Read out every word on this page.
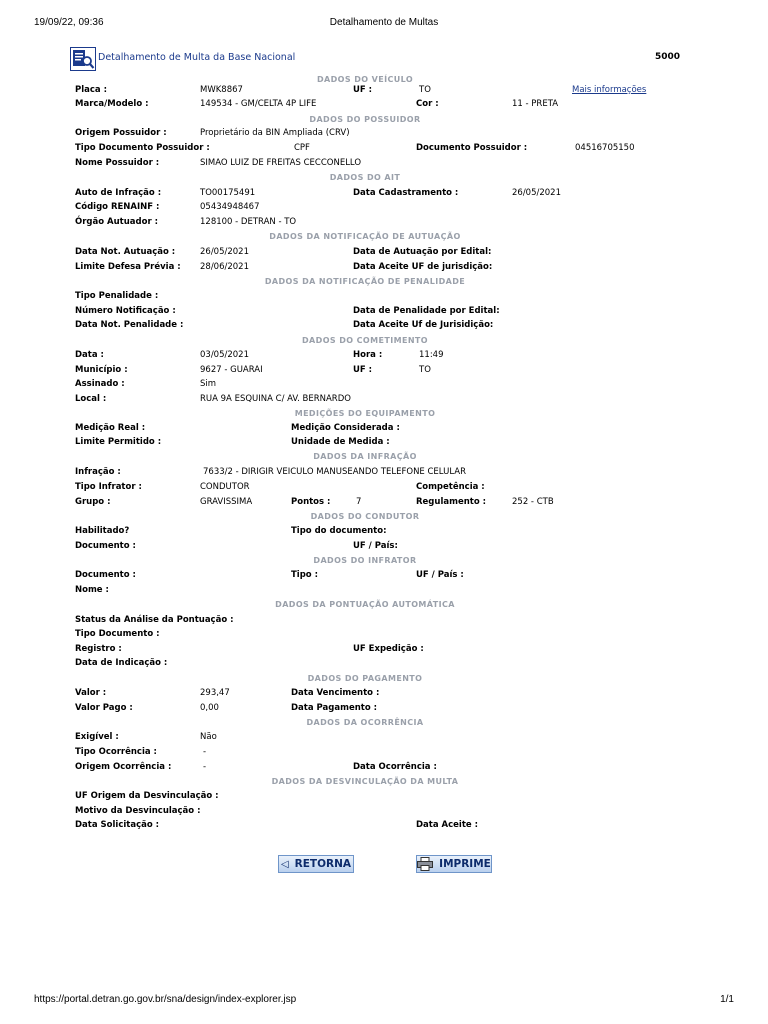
19/09/22, 09:36	Detalhamento de Multas
Detalhamento de Multa da Base Nacional	5000
DADOS DO VEÍCULO
Placa :	MWK8867	UF :	TO	Mais informações
Marca/Modelo :	149534 - GM/CELTA 4P LIFE	Cor :	11 - PRETA
DADOS DO POSSUIDOR
Origem Possuidor :	Proprietário da BIN Ampliada (CRV)
Tipo Documento Possuidor :	CPF	Documento Possuidor :	04516705150
Nome Possuidor :	SIMAO LUIZ DE FREITAS CECCONELLO
DADOS DO AIT
Auto de Infração :	TO00175491	Data Cadastramento :	26/05/2021
Código RENAINF :	05434948467
Órgão Autuador :	128100 - DETRAN - TO
DADOS DA NOTIFICAÇÃO DE AUTUAÇÃO
Data Not. Autuação :	26/05/2021	Data de Autuação por Edital:
Limite Defesa Prévia : 28/06/2021	Data Aceite UF de jurisdição:
DADOS DA NOTIFICAÇÃO DE PENALIDADE
Tipo Penalidade :
Número Notificação :	Data de Penalidade por Edital:
Data Not. Penalidade :	Data Aceite Uf de Jurisidição:
DADOS DO COMETIMENTO
Data :	03/05/2021	Hora :	11:49
Município :	9627 - GUARAI	UF :	TO
Assinado :	Sim
Local :	RUA 9A ESQUINA C/ AV. BERNARDO
MEDIÇÕES DO EQUIPAMENTO
Medição Real :	Medição Considerada :
Limite Permitido :	Unidade de Medida :
DADOS DA INFRAÇÃO
Infração :	7633/2 - DIRIGIR VEICULO MANUSEANDO TELEFONE CELULAR
Tipo Infrator :	CONDUTOR	Competência :
Grupo :	GRAVISSIMA	Pontos :	7	Regulamento :	252 - CTB
DADOS DO CONDUTOR
Habilitado?	Tipo do documento:
Documento :	UF / País:
DADOS DO INFRATOR
Documento :	Tipo :	UF / País :
Nome :
DADOS DA PONTUAÇÃO AUTOMÁTICA
Status da Análise da Pontuação :
Tipo Documento :
Registro :	UF Expedição :
Data de Indicação :
DADOS DO PAGAMENTO
Valor :	293,47	Data Vencimento :
Valor Pago :	0,00	Data Pagamento :
DADOS DA OCORRÊNCIA
Exigível :	Não
Tipo Ocorrência :	-
Origem Ocorrência :	-	Data Ocorrência :
DADOS DA DESVINCULAÇÃO DA MULTA
UF Origem da Desvinculação :
Motivo da Desvinculação :
Data Solicitação :	Data Aceite :
◁ RETORNA	IMPRIME
https://portal.detran.go.gov.br/sna/design/index-explorer.jsp	1/1
